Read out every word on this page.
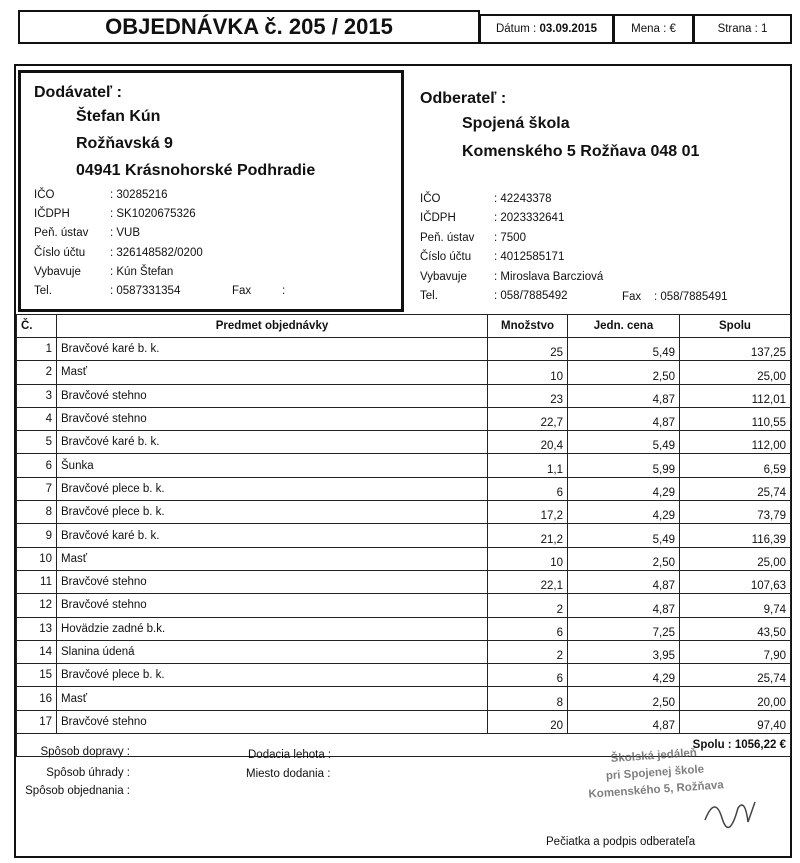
OBJEDNÁVKA č. 205 / 2015	Dátum :
03.09.2015	Mena : €	Strana : 1
Dodávateľ :
Štefan Kún
Rožňavská 9
04941 Krásnohorské Podhradie
IČO	: 30285216
IČDPH	: SK1020675326
Peň. ústav : VUB
Číslo účtu : 326148582/0200
Vybavuje	: Kún Štefan
Tel.	: 0587331354	Fax	:
Odberateľ :
Spojená škola
Komenského 5 Rožňava 048 01
IČO	: 42243378
IČDPH	: 2023332641
Peň. ústav : 7500
Číslo účtu : 4012585171
Vybavuje : Miroslava Barcziová
Tel.	: 058/7885492	Fax    : 058/7885491
Č.	Predmet objednávky	Množstvo	Jedn. cena	Spolu
1	Bravčové karé b. k.	25	5,49	137,25
2	Masť	10	2,50	25,00
3	Bravčové stehno	23	4,87	112,01
4	Bravčové stehno	22,7	4,87	110,55
5	Bravčové karé b. k.	20,4	5,49	112,00
6	Šunka	1,1	5,99	6,59
7	Bravčové plece b. k.	6	4,29	25,74
8	Bravčové plece b. k.	17,2	4,29	73,79
9	Bravčové karé b. k.	21,2	5,49	116,39
10	Masť	10	2,50	25,00
11	Bravčové stehno	22,1	4,87	107,63
12	Bravčové stehno	2	4,87	9,74
13	Hovädzie zadné b.k.	6	7,25	43,50
14	Slanina údená	2	3,95	7,90
15	Bravčové plece b. k.	6	4,29	25,74
16	Masť	8	2,50	20,00
17	Bravčové stehno	20	4,87	97,40
Spolu : 1056,22 €				
Spôsob dopravy :
Spôsob úhrady :
Spôsob objednania :
Dodacia lehota :
Miesto dodania :
Školská jedáleň
pri Spojenej škole
Komenského 5, Rožňava
Pečiatka a podpis odberateľa
